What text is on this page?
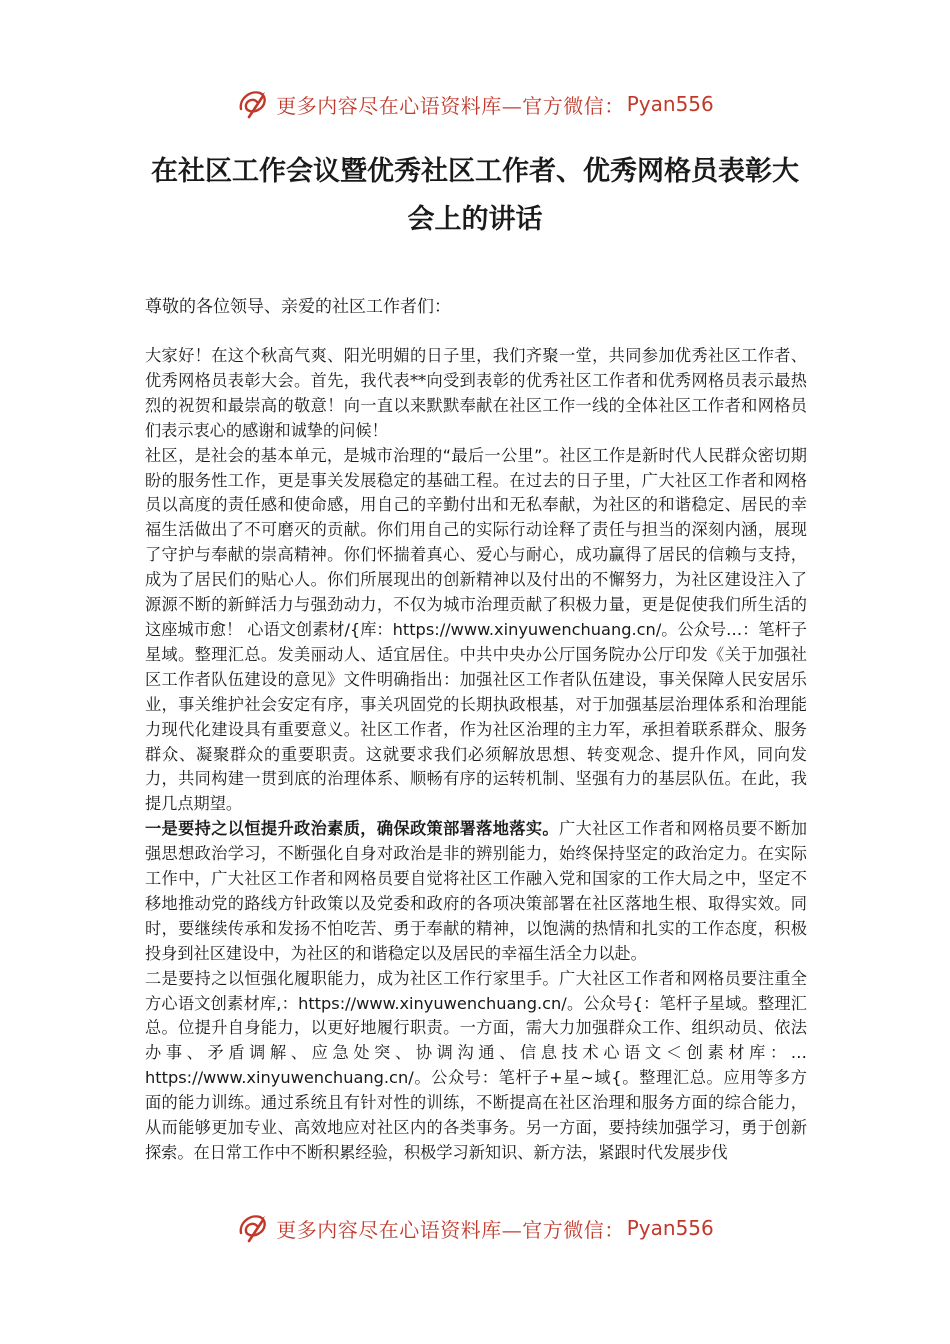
更多内容尽在心语资料库—官方微信： Pyan556
在社区工作会议暨优秀社区工作者、优秀网格员表彰大会上的讲话

尊敬的各位领导、亲爱的社区工作者们：

大家好！在这个秋高气爽、阳光明媚的日子里，我们齐聚一堂，共同参加优秀社区工作者、优秀网格员表彰大会。首先，我代表**向受到表彰的优秀社区工作者和优秀网格员表示最热烈的祝贺和最崇高的敬意！向一直以来默默奉献在社区工作一线的全体社区工作者和网格员们表示衷心的感谢和诚挚的问候！

社区，是社会的基本单元，是城市治理的“最后一公里”。社区工作是新时代人民群众密切期盼的服务性工作，更是事关发展稳定的基础工程。在过去的日子里，广大社区工作者和网格员以高度的责任感和使命感，用自己的辛勤付出和无私奉献，为社区的和谐稳定、居民的幸福生活做出了不可磨灭的贡献。你们用自己的实际行动诠释了责任与担当的深刻内涵，展现了守护与奉献的崇高精神。你们怀揣着真心、爱心与耐心，成功赢得了居民的信赖与支持，成为了居民们的贴心人。你们所展现出的创新精神以及付出的不懈努力，为社区建设注入了源源不断的新鲜活力与强劲动力，不仅为城市治理贡献了积极力量，更是促使我们所生活的这座城市愈！ 心语文创素材/{库：https://www.xinyuwenchuang.cn/。公众号…：笔杆子星域。整理汇总。发美丽动人、适宜居住。中共中央办公厅国务院办公厅印发《关于加强社区工作者队伍建设的意见》文件明确指出：加强社区工作者队伍建设，事关保障人民安居乐业，事关维护社会安定有序，事关巩固党的长期执政根基，对于加强基层治理体系和治理能力现代化建设具有重要意义。社区工作者，作为社区治理的主力军，承担着联系群众、服务群众、凝聚群众的重要职责。这就要求我们必须解放思想、转变观念、提升作风，同向发力，共同构建一贯到底的治理体系、顺畅有序的运转机制、坚强有力的基层队伍。在此，我提几点期望。

一是要持之以恒提升政治素质，确保政策部署落地落实。广大社区工作者和网格员要不断加强思想政治学习，不断强化自身对政治是非的辨别能力，始终保持坚定的政治定力。在实际工作中，广大社区工作者和网格员要自觉将社区工作融入党和国家的工作大局之中，坚定不移地推动党的路线方针政策以及党委和政府的各项决策部署在社区落地生根、取得实效。同时，要继续传承和发扬不怕吃苦、勇于奉献的精神，以饱满的热情和扎实的工作态度，积极投身到社区建设中，为社区的和谐稳定以及居民的幸福生活全力以赴。

二是要持之以恒强化履职能力，成为社区工作行家里手。广大社区工作者和网格员要注重全方心语文创素材库,：https://www.xinyuwenchuang.cn/。公众号{：笔杆子星域。整理汇总。位提升自身能力，以更好地履行职责。一方面，需大力加强群众工作、组织动员、依法办事、矛盾调解、应急处突、协调沟通、信息技术心语文＜创素材库：…https://www.xinyuwenchuang.cn/。公众号：笔杆子+星~域{。整理汇总。应用等多方面的能力训练。通过系统且有针对性的训练，不断提高在社区治理和服务方面的综合能力，从而能够更加专业、高效地应对社区内的各类事务。另一方面，要持续加强学习，勇于创新探索。在日常工作中不断积累经验，积极学习新知识、新方法，紧跟时代发展步伐

更多内容尽在心语资料库—官方微信： Pyan556
